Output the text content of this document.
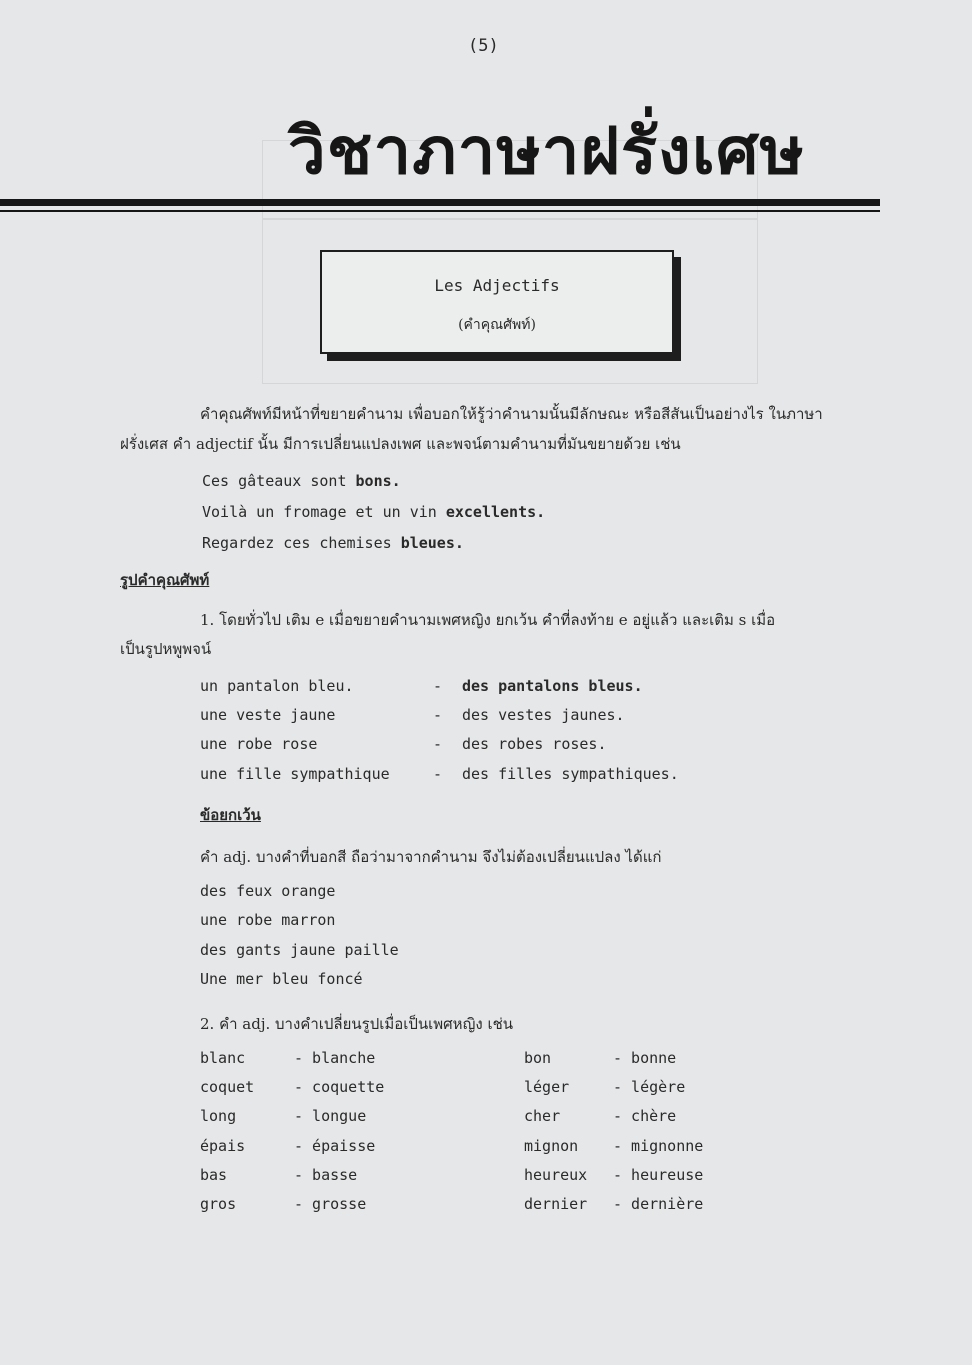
(5)
วิชาภาษาฝรั่งเศษ
Les Adjectifs
(คำคุณศัพท์)
คำคุณศัพท์มีหน้าที่ขยายคำนาม เพื่อบอกให้รู้ว่าคำนามนั้นมีลักษณะ หรือสีสันเป็นอย่างไร ในภาษา
ฝรั่งเศส คำ adjectif นั้น มีการเปลี่ยนแปลงเพศ และพจน์ตามคำนามที่มันขยายด้วย เช่น
Ces gâteaux sont bons.
Voilà un fromage et un vin excellents.
Regardez ces chemises bleues.
รูปคำคุณศัพท์
1. โดยทั่วไป เติม e เมื่อขยายคำนามเพศหญิง ยกเว้น คำที่ลงท้าย e อยู่แล้ว และเติม s เมื่อ
เป็นรูปหพูพจน์
un pantalon bleu.	- des pantalons bleus.
une veste jaune	- des vestes jaunes.
une robe rose	- des robes roses.
une fille sympathique	- des filles sympathiques.
ข้อยกเว้น
คำ adj. บางคำที่บอกสี ถือว่ามาจากคำนาม จึงไม่ต้องเปลี่ยนแปลง ได้แก่
des feux orange
une robe marron
des gants jaune paille
Une mer bleu foncé
2. คำ adj. บางคำเปลี่ยนรูปเมื่อเป็นเพศหญิง เช่น
blanc	- blanche
coquet	- coquette
long	- longue
épais	- épaisse
bas	- basse
gros	- grosse
bon	- bonne
léger	- légère
cher	- chère
mignon - mignonne
heureux - heureuse
dernier - dernière
